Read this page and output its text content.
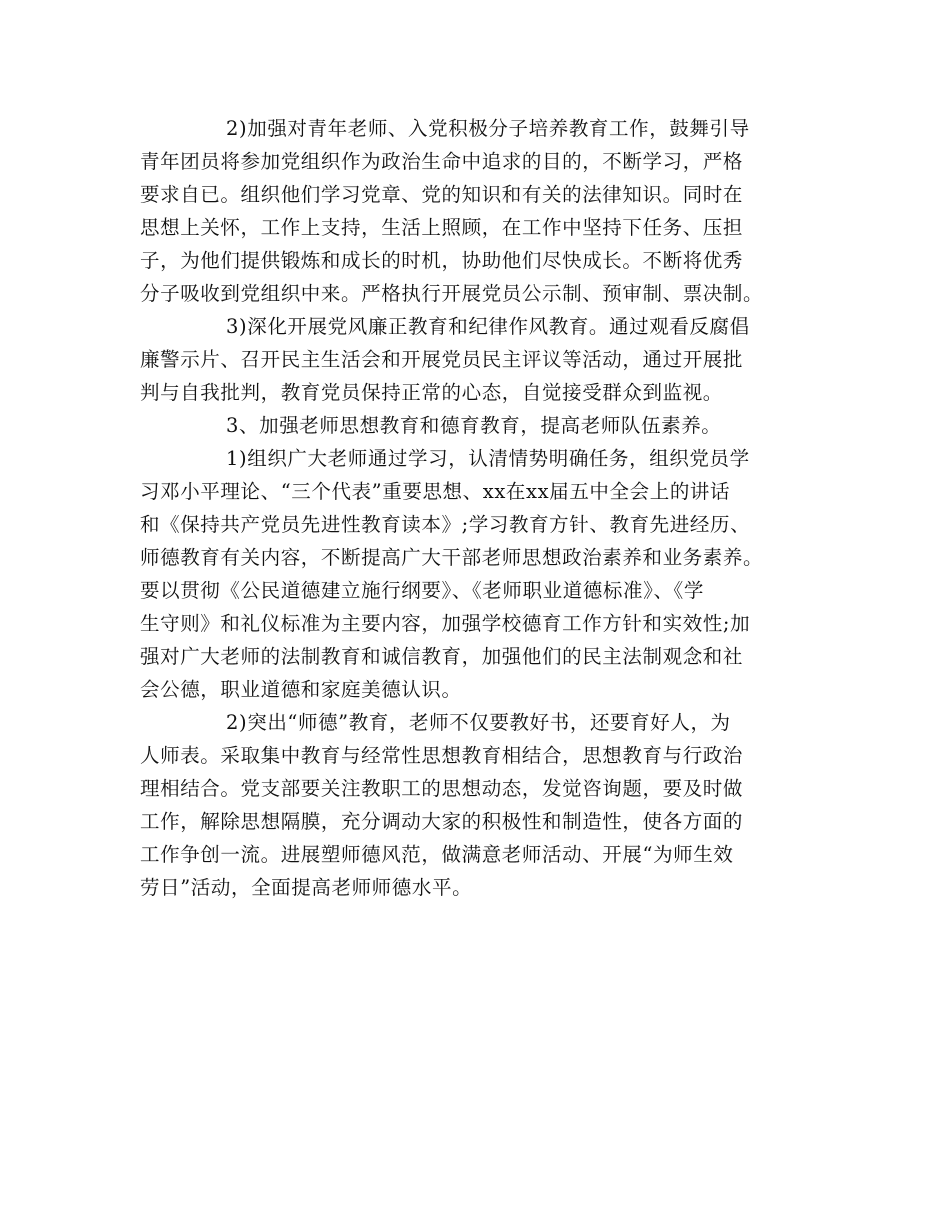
2)加强对青年老师、入党积极分子培养教育工作，鼓舞引导
青年团员将参加党组织作为政治生命中追求的目的，不断学习，严格
要求自已。组织他们学习党章、党的知识和有关的法律知识。同时在
思想上关怀，工作上支持，生活上照顾，在工作中坚持下任务、压担
子，为他们提供锻炼和成长的时机，协助他们尽快成长。不断将优秀
分子吸收到党组织中来。严格执行开展党员公示制、预审制、票决制。
3)深化开展党风廉正教育和纪律作风教育。通过观看反腐倡
廉警示片、召开民主生活会和开展党员民主评议等活动，通过开展批
判与自我批判，教育党员保持正常的心态，自觉接受群众到监视。
3、加强老师思想教育和德育教育，提高老师队伍素养。
1)组织广大老师通过学习，认清情势明确任务，组织党员学
习邓小平理论、“三个代表”重要思想、xx在xx届五中全会上的讲话
和《保持共产党员先进性教育读本》;学习教育方针、教育先进经历、
师德教育有关内容，不断提高广大干部老师思想政治素养和业务素养。
要以贯彻《公民道德建立施行纲要》、《老师职业道德标准》、《学
生守则》和礼仪标准为主要内容，加强学校德育工作方针和实效性;加
强对广大老师的法制教育和诚信教育，加强他们的民主法制观念和社
会公德，职业道德和家庭美德认识。
2)突出“师德”教育，老师不仅要教好书，还要育好人，为
人师表。采取集中教育与经常性思想教育相结合，思想教育与行政治
理相结合。党支部要关注教职工的思想动态，发觉咨询题，要及时做
工作，解除思想隔膜，充分调动大家的积极性和制造性，使各方面的
工作争创一流。进展塑师德风范，做满意老师活动、开展“为师生效
劳日”活动，全面提高老师师德水平。
